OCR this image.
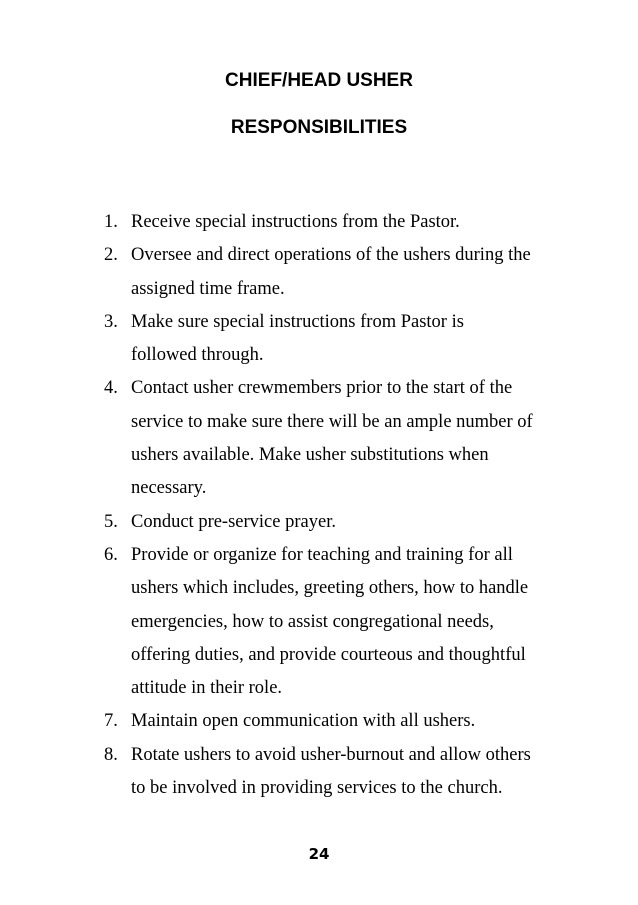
CHIEF/HEAD USHER
RESPONSIBILITIES
1. Receive special instructions from the Pastor.
2. Oversee and direct operations of the ushers during the
assigned time frame.
3. Make sure special instructions from Pastor is
followed through.
4. Contact usher crewmembers prior to the start of the
service to make sure there will be an ample number of
ushers available. Make usher substitutions when
necessary.
5. Conduct pre-service prayer.
6. Provide or organize for teaching and training for all
ushers which includes, greeting others, how to handle
emergencies, how to assist congregational needs,
offering duties, and provide courteous and thoughtful
attitude in their role.
7. Maintain open communication with all ushers.
8. Rotate ushers to avoid usher-burnout and allow others
to be involved in providing services to the church.
24
